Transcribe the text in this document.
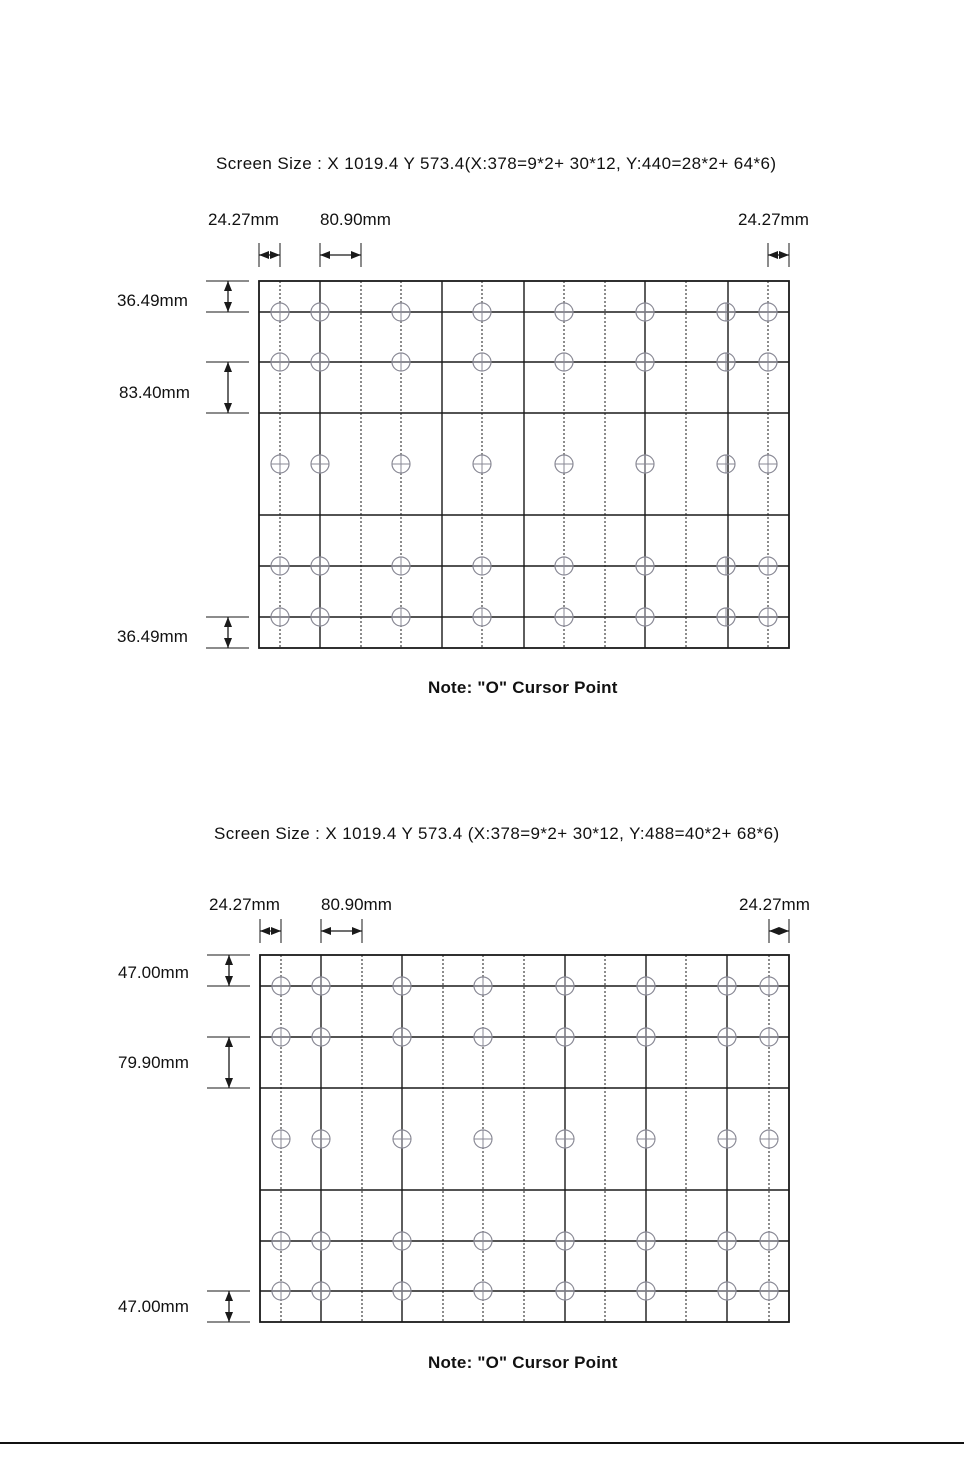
Screen Size : X 1019.4 Y 573.4(X:378=9*2+ 30*12, Y:440=28*2+ 64*6)
24.27mm 80.90mm	24.27mm
36.49mm
83.40mm
36.49mm
Note: "O" Cursor Point
Screen Size : X 1019.4 Y 573.4 (X:378=9*2+ 30*12, Y:488=40*2+ 68*6)
24.27mm 80.90mm	24.27mm
47.00mm
79.90mm
47.00mm
Note: "O" Cursor Point
